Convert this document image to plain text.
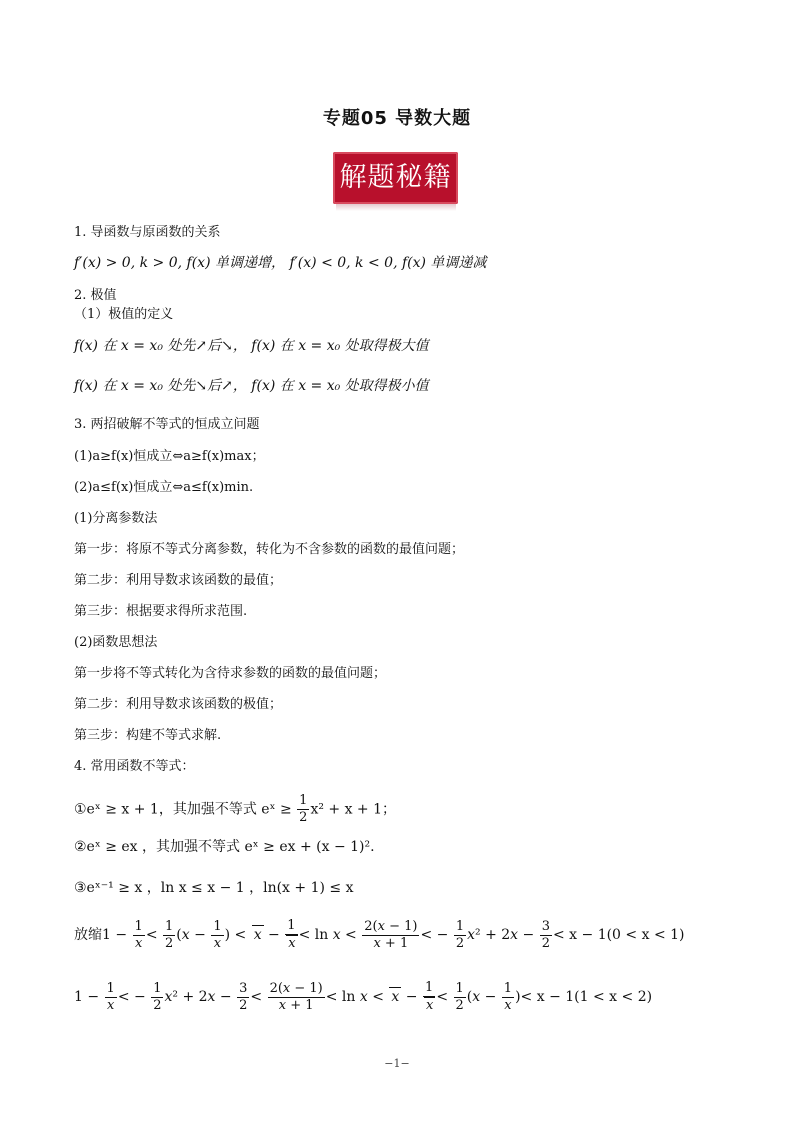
专题05 导数大题
解题秘籍
1. 导函数与原函数的关系
f′(x) > 0, k > 0, f(x) 单调递增， f′(x) < 0, k < 0, f(x) 单调递减
2. 极值
（1）极值的定义
f(x) 在 x = x₀ 处先↗后↘， f(x) 在 x = x₀ 处取得极大值
f(x) 在 x = x₀ 处先↘后↗， f(x) 在 x = x₀ 处取得极小值
3. 两招破解不等式的恒成立问题
(1)a≥f(x)恒成立⇔a≥f(x)max；
(2)a≤f(x)恒成立⇔a≤f(x)min.
(1)分离参数法
第一步：将原不等式分离参数，转化为不含参数的函数的最值问题；
第二步：利用导数求该函数的最值；
第三步：根据要求得所求范围.
(2)函数思想法
第一步将不等式转化为含待求参数的函数的最值问题；
第二步：利用导数求该函数的极值；
第三步：构建不等式求解.
4. 常用函数不等式：
①eˣ ≥ x + 1，其加强不等式 eˣ ≥ $\frac{1}{2} x^2 + x + 1$；
②eˣ ≥ ex ，其加强不等式 eˣ ≥ ex + (x − 1)².
③eˣ⁻¹ ≥ x ，ln x ≤ x − 1 ，ln(x + 1) ≤ x
放缩$1 - \frac{1}{x} < \frac{1}{2} (x - \frac{1}{x}$ ) < $x - \frac{1}{x} < \ln x < \frac{2(x - 1)}{x + 1}$ < − $\frac{1}{2} x^2 + 2x - \frac{3}{2} < x - 1(0 < x < 1)$
$1 - \frac{1}{x}$ < − $\frac{1}{2} x^2 + 2x - \frac{3}{2} < \frac{2(x - 1)}{x + 1} < \ln x < x - \frac{1}{x} < \frac{1}{2} (x - \frac{1}{x}$ )< x − 1(1 < x < 2)
−1−
